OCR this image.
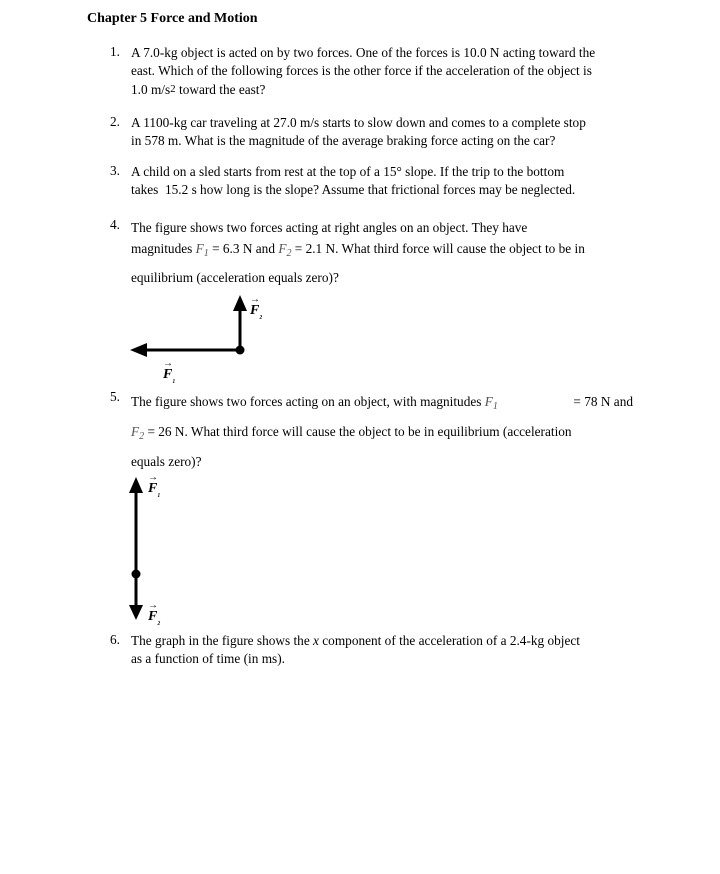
Chapter 5 Force and Motion
1. A 7.0-kg object is acted on by two forces. One of the forces is 10.0 N acting toward the
east. Which of the following forces is the other force if the acceleration of the object is
1.0 m/s2 toward the east?
2. A 1100-kg car traveling at 27.0 m/s starts to slow down and comes to a complete stop
in 578 m. What is the magnitude of the average braking force acting on the car?
3. A child on a sled starts from rest at the top of a 15° slope. If the trip to the bottom
takes  15.2 s how long is the slope? Assume that frictional forces may be neglected.
4. The figure shows two forces acting at right angles on an object. They have
magnitudes $F_1 = 6.3$ N and $F_2 = 2.1$ N. What third force will cause the object to be in
equilibrium (acceleration equals zero)?
$F_{_2}$
→
$F_{_1}$
→
5. The figure shows two forces acting on an object, with magnitudes $F_1$	= 78 N and
$F_2 = 26$ N. What third force will cause the object to be in equilibrium (acceleration
equals zero)?
$F_{_1}$
→
$F_{_2}$
→
6. The graph in the figure shows the x component of the acceleration of a 2.4-kg object
as a function of time (in ms).
